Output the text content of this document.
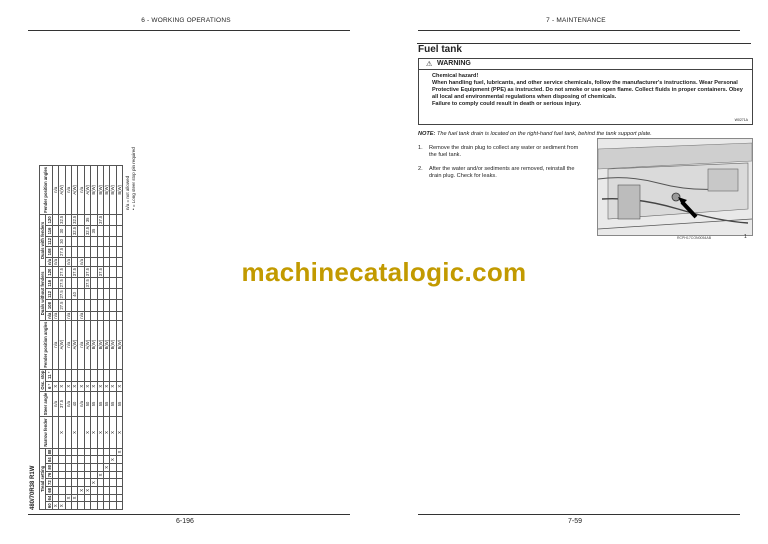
6 - WORKING OPERATIONS
6-196
480/70R38 R1W Tread setting								Narrow fender	Steer angle	Osc. stop		Fender position angles	Duals without fenders					Duals with fenders					Fender position angles
60	64	68	72	76	80	84	88			6 °	11 °		n/a	108	112	116	120	n/a	108	112	116	120	
X									n/a	X		n/a	n/a					n/a					n/a
X								X	37.5	X		A(W)		27.5	27.5	27.5	27.5		27.5	30	30	32.5	A(W)
	X								n/a	X		n/a	n/a					n/a					n/a
	X							X	40	X		A(W)			40		37.5				32.5	32.5	A(W)
		X							n/a	X		n/a	n/a					n/a					n/a
		X						X	50	X		A(W)				37.5	37.5				32.5	35	A(W)
			X					X	55	X		B(W)									35		B(W)
				X				X	55	X		B(W)					37.5					37.5	B(W)
					X			X	55	X		B(W)											B(W)
						X		X	55	X		B(W)											B(W)
							X	X	55	X		B(W)											B(W) n/a = not allowed • = Long steer stop pin required
7 - MAINTENANCE
7-59
Fuel tank
⚠ WARNING
Chemical hazard!
When handling fuel, lubricants, and other service chemicals, follow the manufacturer's instructions. Wear Personal Protective Equipment (PPE) as instructed. Do not smoke or use open flame. Collect fluids in proper containers. Obey all local and environmental regulations when disposing of chemicals.
Failure to comply could result in death or serious injury.
W0271A
NOTE: The fuel tank drain is located on the right-hand fuel tank, behind the tank support plate.
1. Remove the drain plug to collect any water or sediment from the fuel tank.
2. After the water and/or sediments are removed, reinstall the drain plug. Check for leaks.
RCPH17CON0054AB	1
machinecatalogic.com
